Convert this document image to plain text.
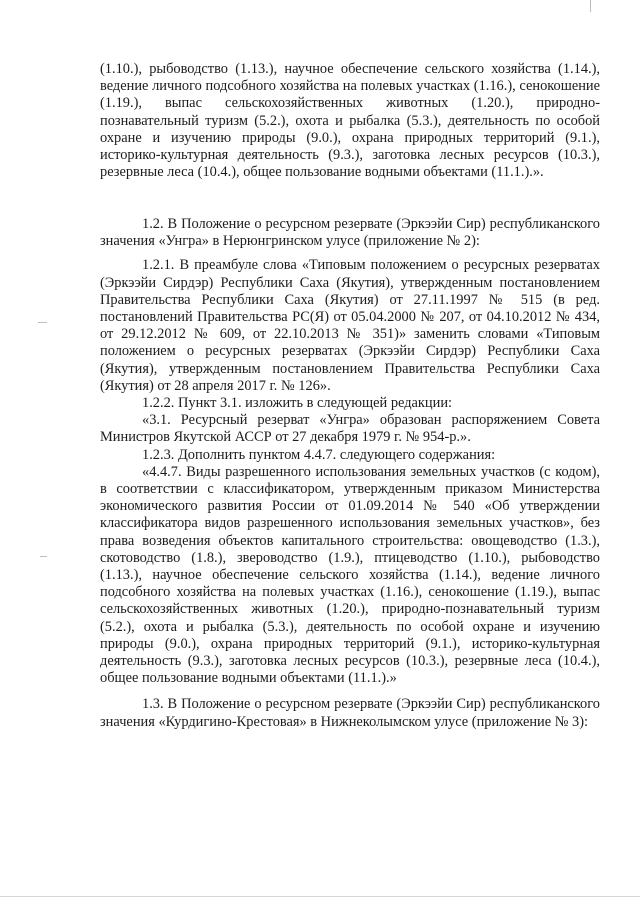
(1.10.), рыбоводство (1.13.), научное обеспечение сельского хозяйства (1.14.), ведение личного подсобного хозяйства на полевых участках (1.16.), сенокошение (1.19.), выпас сельскохозяйственных животных (1.20.), природно-познавательный туризм (5.2.), охота и рыбалка (5.3.), деятельность по особой охране и изучению природы (9.0.), охрана природных территорий (9.1.), историко-культурная деятельность (9.3.), заготовка лесных ресурсов (10.3.), резервные леса (10.4.), общее пользование водными объектами (11.1.).».

1.2. В Положение о ресурсном резервате (Эркээйи Сир) республиканского значения «Унгра» в Нерюнгринском улусе (приложение № 2):

1.2.1. В преамбуле слова «Типовым положением о ресурсных резерватах (Эркээйи Сирдэр) Республики Саха (Якутия), утвержденным постановлением Правительства Республики Саха (Якутия) от 27.11.1997 № 515 (в ред. постановлений Правительства РС(Я) от 05.04.2000 № 207, от 04.10.2012 № 434, от 29.12.2012 № 609, от 22.10.2013 № 351)» заменить словами «Типовым положением о ресурсных резерватах (Эркээйи Сирдэр) Республики Саха (Якутия), утвержденным постановлением Правительства Республики Саха (Якутия) от 28 апреля 2017 г. № 126».

1.2.2. Пункт 3.1. изложить в следующей редакции:

«3.1. Ресурсный резерват «Унгра» образован распоряжением Совета Министров Якутской АССР от 27 декабря 1979 г. № 954-р.».

1.2.3. Дополнить пунктом 4.4.7. следующего содержания:

«4.4.7. Виды разрешенного использования земельных участков (с кодом), в соответствии с классификатором, утвержденным приказом Министерства экономического развития России от 01.09.2014 № 540 «Об утверждении классификатора видов разрешенного использования земельных участков», без права возведения объектов капитального строительства: овощеводство (1.3.), скотоводство (1.8.), звероводство (1.9.), птицеводство (1.10.), рыбоводство (1.13.), научное обеспечение сельского хозяйства (1.14.), ведение личного подсобного хозяйства на полевых участках (1.16.), сенокошение (1.19.), выпас сельскохозяйственных животных (1.20.), природно-познавательный туризм (5.2.), охота и рыбалка (5.3.), деятельность по особой охране и изучению природы (9.0.), охрана природных территорий (9.1.), историко-культурная деятельность (9.3.), заготовка лесных ресурсов (10.3.), резервные леса (10.4.), общее пользование водными объектами (11.1.).»

1.3. В Положение о ресурсном резервате (Эркээйи Сир) республиканского значения «Курдигино-Крестовая» в Нижнеколымском улусе (приложение № 3):
